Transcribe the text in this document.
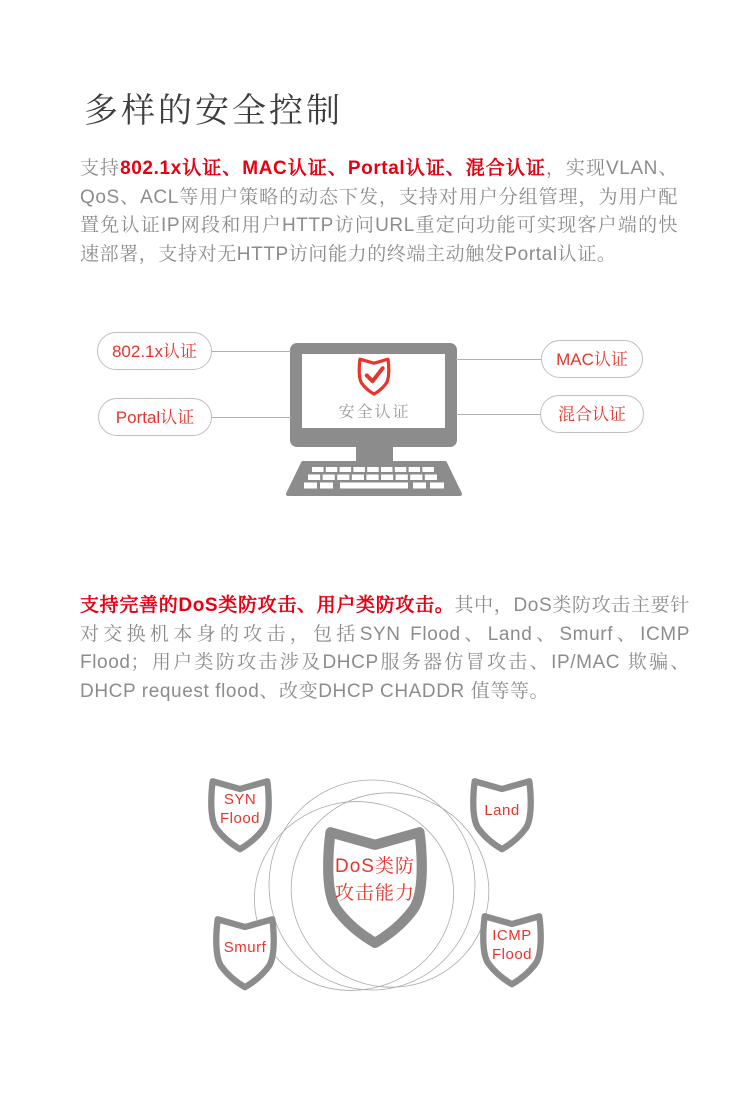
多样的安全控制

支持802.1x认证、MAC认证、Portal认证、混合认证，实现VLAN、QoS、ACL等用户策略的动态下发，支持对用户分组管理，为用户配置免认证IP网段和用户HTTP访问URL重定向功能可实现客户端的快速部署，支持对无HTTP访问能力的终端主动触发Portal认证。

802.1x认证
Portal认证
MAC认证
混合认证
安全认证

支持完善的DoS类防攻击、用户类防攻击。其中，DoS类防攻击主要针对交换机本身的攻击，包括SYN Flood、Land、Smurf、ICMP Flood；用户类防攻击涉及DHCP服务器仿冒攻击、IP/MAC 欺骗、DHCP request flood、改变DHCP CHADDR 值等等。

SYN
Flood	Land
Smurf
ICMP
Flood
DoS类防
攻击能力
